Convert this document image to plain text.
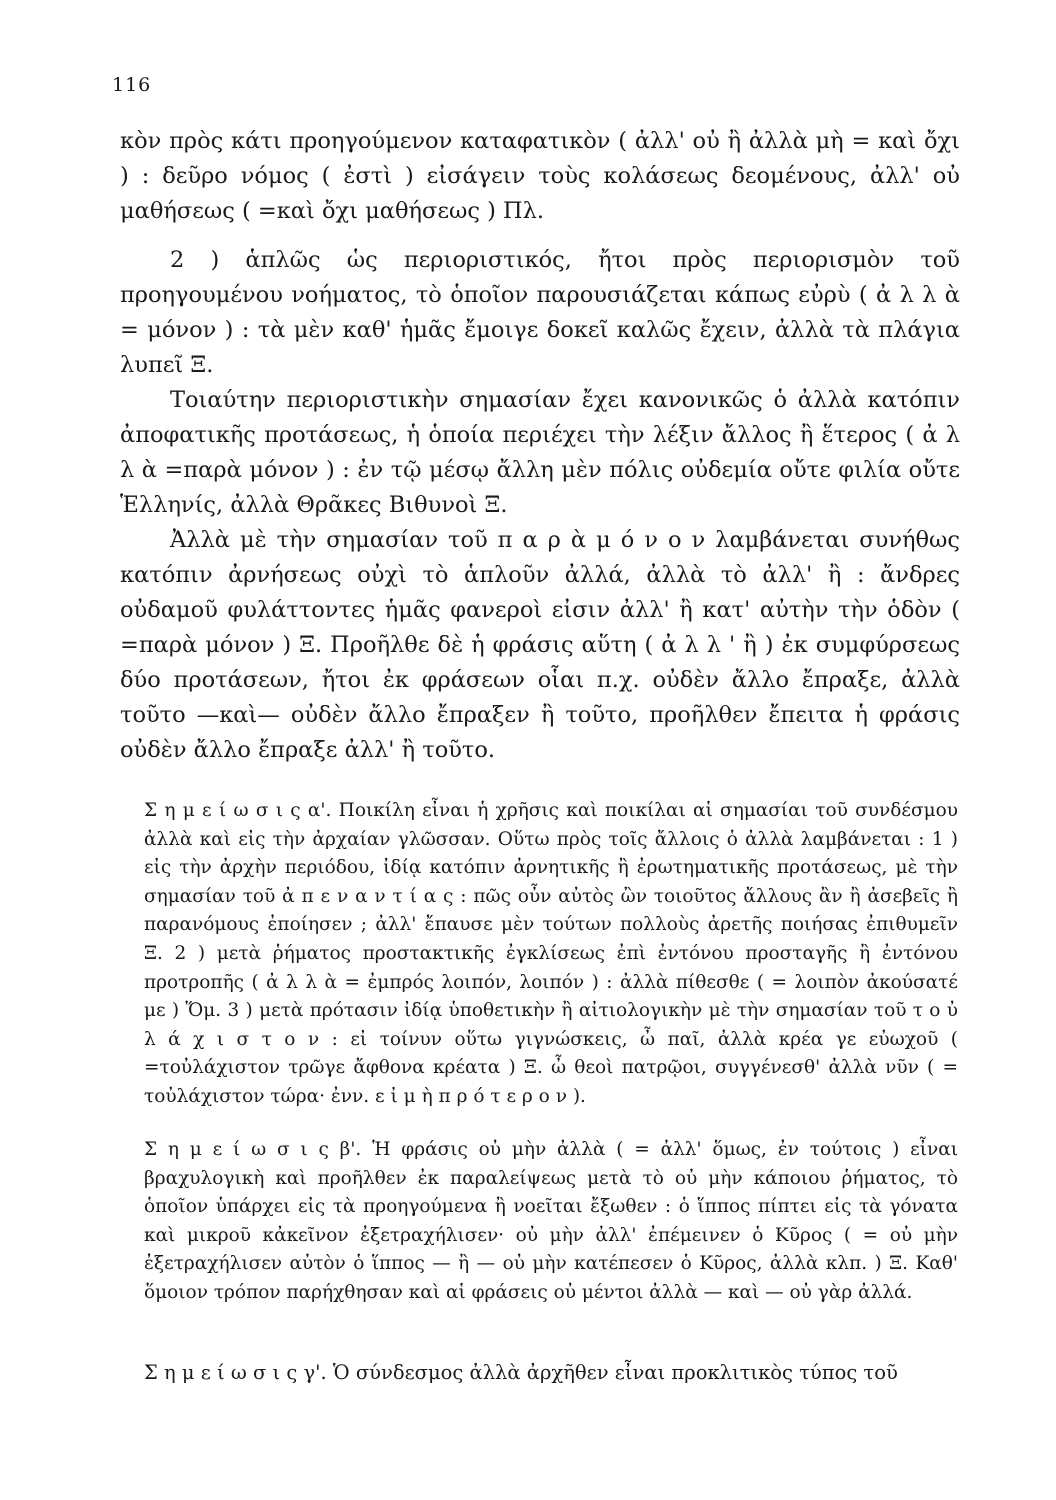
116

κὸν πρὸς κάτι προηγούμενον καταφατικὸν ( ἀλλ' οὐ ἢ ἀλλὰ μὴ = καὶ ὄχι ) : δεῦρο νόμος ( ἐστὶ ) εἰσάγειν τοὺς κολάσεως δεομένους, ἀλλ' οὐ μαθήσεως ( =καὶ ὄχι μαθήσεως ) Πλ.

2 ) ἁπλῶς ὡς περιοριστικός, ἤτοι πρὸς περιορισμὸν τοῦ προηγουμένου νοήματος, τὸ ὁποῖον παρουσιάζεται κάπως εὐρὺ ( ἀ λ λ ὰ = μόνον ) : τὰ μὲν καθ' ἡμᾶς ἔμοιγε δοκεῖ καλῶς ἔχειν, ἀλλὰ τὰ πλάγια λυπεῖ Ξ.

Τοιαύτην περιοριστικὴν σημασίαν ἔχει κανονικῶς ὁ ἀλλὰ κατόπιν ἀποφατικῆς προτάσεως, ἡ ὁποία περιέχει τὴν λέξιν ἄλλος ἢ ἕτερος ( ἀ λ λ ὰ =παρὰ μόνον ) : ἐν τῷ μέσῳ ἄλλη μὲν πόλις οὐδεμία οὔτε φιλία οὔτε Ἑλληνίς, ἀλλὰ Θρᾶκες Βιθυνοὶ Ξ.

Ἀλλὰ μὲ τὴν σημασίαν τοῦ π α ρ ὰ μ ό ν ο ν λαμβάνεται συνήθως κατόπιν ἀρνήσεως οὐχὶ τὸ ἁπλοῦν ἀλλά, ἀλλὰ τὸ ἀλλ' ἢ : ἄνδρες οὐδαμοῦ φυλάττοντες ἡμᾶς φανεροὶ εἰσιν ἀλλ' ἢ κατ' αὐτὴν τὴν ὁδὸν ( =παρὰ μόνον ) Ξ. Προῆλθε δὲ ἡ φράσις αὕτη ( ἀ λ λ ' ἢ ) ἐκ συμφύρσεως δύο προτάσεων, ἤτοι ἐκ φράσεων οἷαι π.χ. οὐδὲν ἄλλο ἔπραξε, ἀλλὰ τοῦτο —καὶ— οὐδὲν ἄλλο ἔπραξεν ἢ τοῦτο, προῆλθεν ἔπειτα ἡ φράσις οὐδὲν ἄλλο ἔπραξε ἀλλ' ἢ τοῦτο.

Σ η μ ε ί ω σ ι ς α'. Ποικίλη εἶναι ἡ χρῆσις καὶ ποικίλαι αἱ σημασίαι τοῦ συνδέσμου ἀλλὰ καὶ εἰς τὴν ἀρχαίαν γλῶσσαν. Οὕτω πρὸς τοῖς ἄλλοις ὁ ἀλλὰ λαμβάνεται : 1 ) εἰς τὴν ἀρχὴν περιόδου, ἰδίᾳ κατόπιν ἀρνητικῆς ἢ ἐρωτηματικῆς προτάσεως, μὲ τὴν σημασίαν τοῦ ἀ π ε ν α ν τ ί α ς : πῶς οὖν αὐτὸς ὢν τοιοῦτος ἄλλους ἂν ἢ ἀσεβεῖς ἢ παρανόμους ἐποίησεν ; ἀλλ' ἔπαυσε μὲν τούτων πολλοὺς ἀρετῆς ποιήσας ἐπιθυμεῖν Ξ. 2 ) μετὰ ῥήματος προστακτικῆς ἐγκλίσεως ἐπὶ ἐντόνου προσταγῆς ἢ ἐντόνου προτροπῆς ( ἀ λ λ ὰ = ἐμπρός λοιπόν, λοιπόν ) : ἀλλὰ πίθεσθε ( = λοιπὸν ἀκούσατέ με ) Ὅμ. 3 ) μετὰ πρότασιν ἰδίᾳ ὑποθετικὴν ἢ αἰτιολογικὴν μὲ τὴν σημασίαν τοῦ τ ο ὐ λ ά χ ι σ τ ο ν : εἰ τοίνυν οὕτω γιγνώσκεις, ὦ παῖ, ἀλλὰ κρέα γε εὐωχοῦ ( =τοὐλάχιστον τρῶγε ἄφθονα κρέατα ) Ξ. ὦ θεοὶ πατρῷοι, συγγένεσθ' ἀλλὰ νῦν ( = τοὐλάχιστον τώρα· ἐνν. ε ἰ μ ὴ π ρ ό τ ε ρ ο ν ).

Σ η μ ε ί ω σ ι ς β'. Ἡ φράσις οὐ μὴν ἀλλὰ ( = ἀλλ' ὅμως, ἐν τούτοις ) εἶναι βραχυλογικὴ καὶ προῆλθεν ἐκ παραλείψεως μετὰ τὸ οὐ μὴν κάποιου ῥήματος, τὸ ὁποῖον ὑπάρχει εἰς τὰ προηγούμενα ἢ νοεῖται ἔξωθεν : ὁ ἵππος πίπτει εἰς τὰ γόνατα καὶ μικροῦ κἀκεῖνον ἐξετραχήλισεν· οὐ μὴν ἀλλ' ἐπέμεινεν ὁ Κῦρος ( = οὐ μὴν ἐξετραχήλισεν αὐτὸν ὁ ἵππος — ἢ — οὐ μὴν κατέπεσεν ὁ Κῦρος, ἀλλὰ κλπ. ) Ξ. Καθ' ὅμοιον τρόπον παρήχθησαν καὶ αἱ φράσεις οὐ μέντοι ἀλλὰ — καὶ — οὐ γὰρ ἀλλά.

Σ η μ ε ί ω σ ι ς γ'. Ὁ σύνδεσμος ἀλλὰ ἀρχῆθεν εἶναι προκλιτικὸς τύπος τοῦ
